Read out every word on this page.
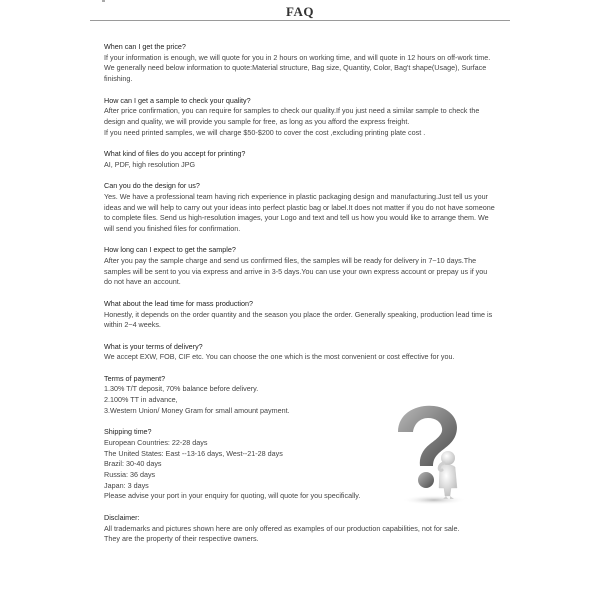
FAQ

When can I get the price?

If your information is enough, we will quote for you in 2 hours on working time, and will quote in 12 hours on off-work time. We generally need below information to quote:Material structure, Bag size, Quantity, Color, Bag't shape(Usage), Surface finishing.

How can I get a sample to check your quality?

After price confirmation, you can require for samples to check our quality.If you just need a similar sample to check the design and quality, we will provide you sample for free, as long as you afford the express freight.

If you need printed samples, we will charge $50-$200 to cover the cost ,excluding printing plate cost .

What kind of files do you accept for printing?

AI, PDF, high resolution JPG

Can you do the design for us?

Yes. We have a professional team having rich experience in plastic packaging design and manufacturing.Just tell us your ideas and we will help to carry out your ideas into perfect plastic bag or label.It does not matter if you do not have someone to complete files. Send us high-resolution images, your Logo and text and tell us how you would like to arrange them. We will send you finished files for confirmation.

How long can I expect to get the sample?

After you pay the sample charge and send us confirmed files, the samples will be ready for delivery in 7~10 days.The samples will be sent to you via express and arrive in 3-5 days.You can use your own express account or prepay us if you do not have an account.

What about the lead time for mass production?

Honestly, it depends on the order quantity and the season you place the order. Generally speaking, production lead time is within 2~4 weeks.

What is your terms of delivery?

We accept EXW, FOB, CIF etc. You can choose the one which is the most convenient or cost effective for you.

Terms of payment?

1.30% T/T deposit, 70% balance before delivery.

2.100% TT in advance,

3.Western Union/ Money Gram for small amount payment.

Shipping time?

European Countries: 22-28 days

The United States: East --13-16 days, West--21-28 days

Brazil: 30-40 days

Russia: 36 days

Japan: 3 days

Please advise your port in your enquiry for quoting, will quote for you specifically.

Disclaimer:

All trademarks and pictures shown here are only offered as examples of our production capabilities, not for sale.

They are the property of their respective owners.
